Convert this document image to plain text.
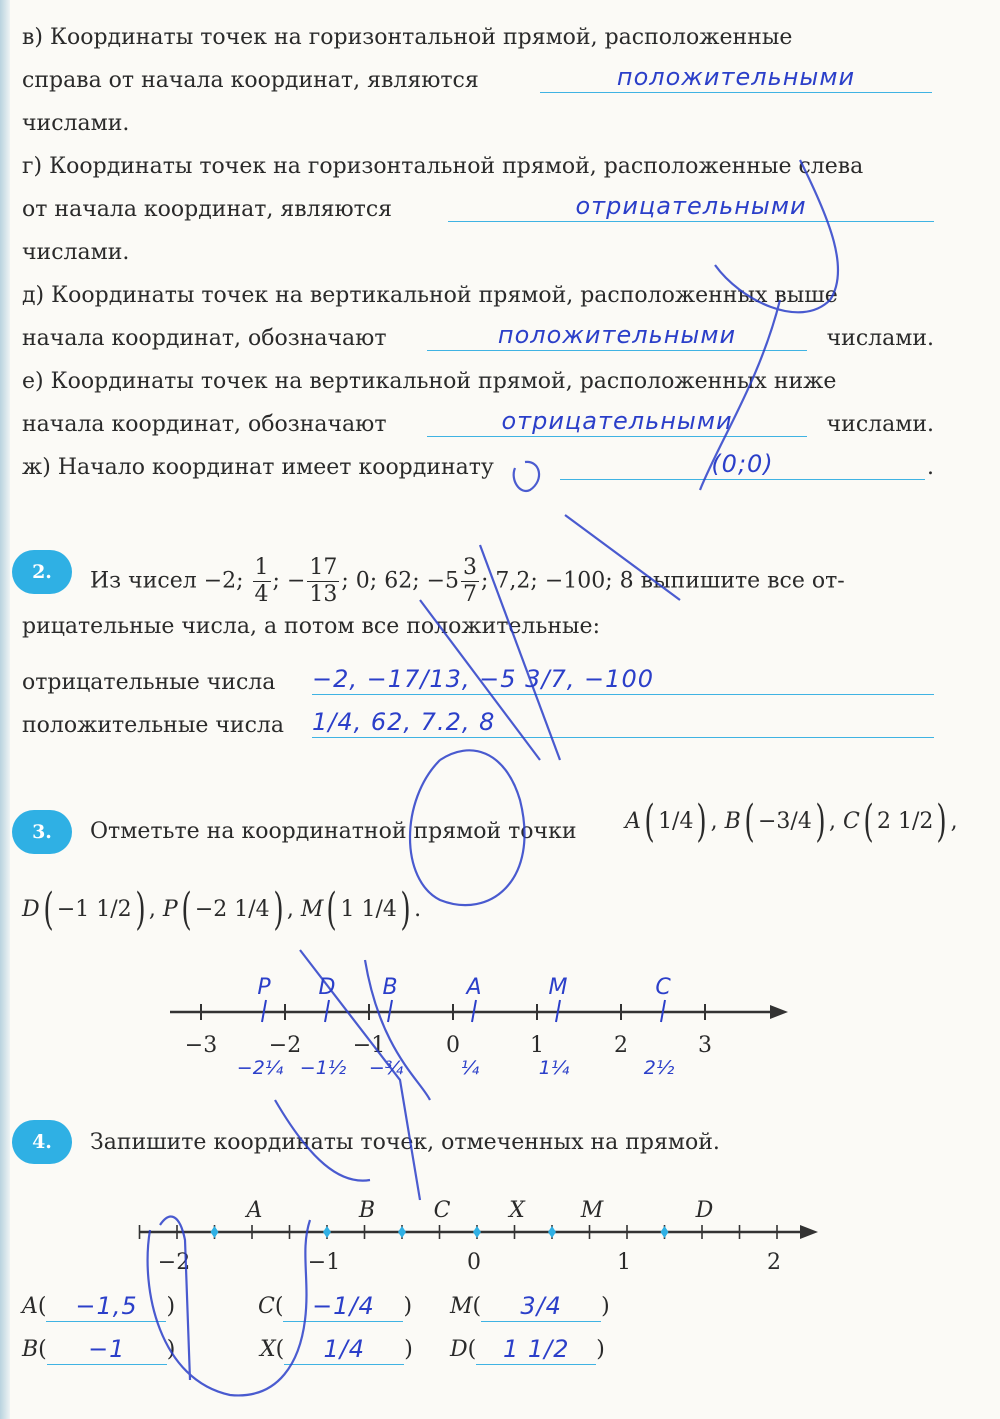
в) Координаты точек на горизонтальной прямой, расположенные
справа от начала координат, являются	положительными
числами.
г) Координаты точек на горизонтальной прямой, расположенные слева
от начала координат, являются	отрицательными
числами.
д) Координаты точек на вертикальной прямой, расположенных выше
начала координат, обозначают	положительными	числами.
е) Координаты точек на вертикальной прямой, расположенных ниже
начала координат, обозначают	отрицательными	числами.
ж) Начало координат имеет координату	(0;0)	.
2.	Из чисел −2; $\frac{1}{4}$ ; − $\frac{17}{13}$ ; 0; 62; $-5 \frac{3}{7}$ ; 7,2; −100; 8 выпишите все от-
рицательные числа, а потом все положительные:
отрицательные числа −2, −17/13, −5 3/7, −100
положительные числа 1/4, 62, 7.2, 8
3.	Отметьте на координатной прямой точки A( 1/4) , B( −3/4) , C( 2 1/2) ,
D( −1 1/2) , P( −2 1/4) , M( 1 1/4) .
−3 −2 −1	0	1	2	3
P
−2¼
D
−1½
B
−¾
A
¼
M
1¼
C
2½
4.	Запишите координаты точек, отмеченных на прямой.
−2	−1	0	1	2
A	B	C	X	M	D
A(	−1,5	)	C(	−1/4	)	M(	3/4	)
B(	−1	)	X(	1/4	)	D(	1 1/2	)
